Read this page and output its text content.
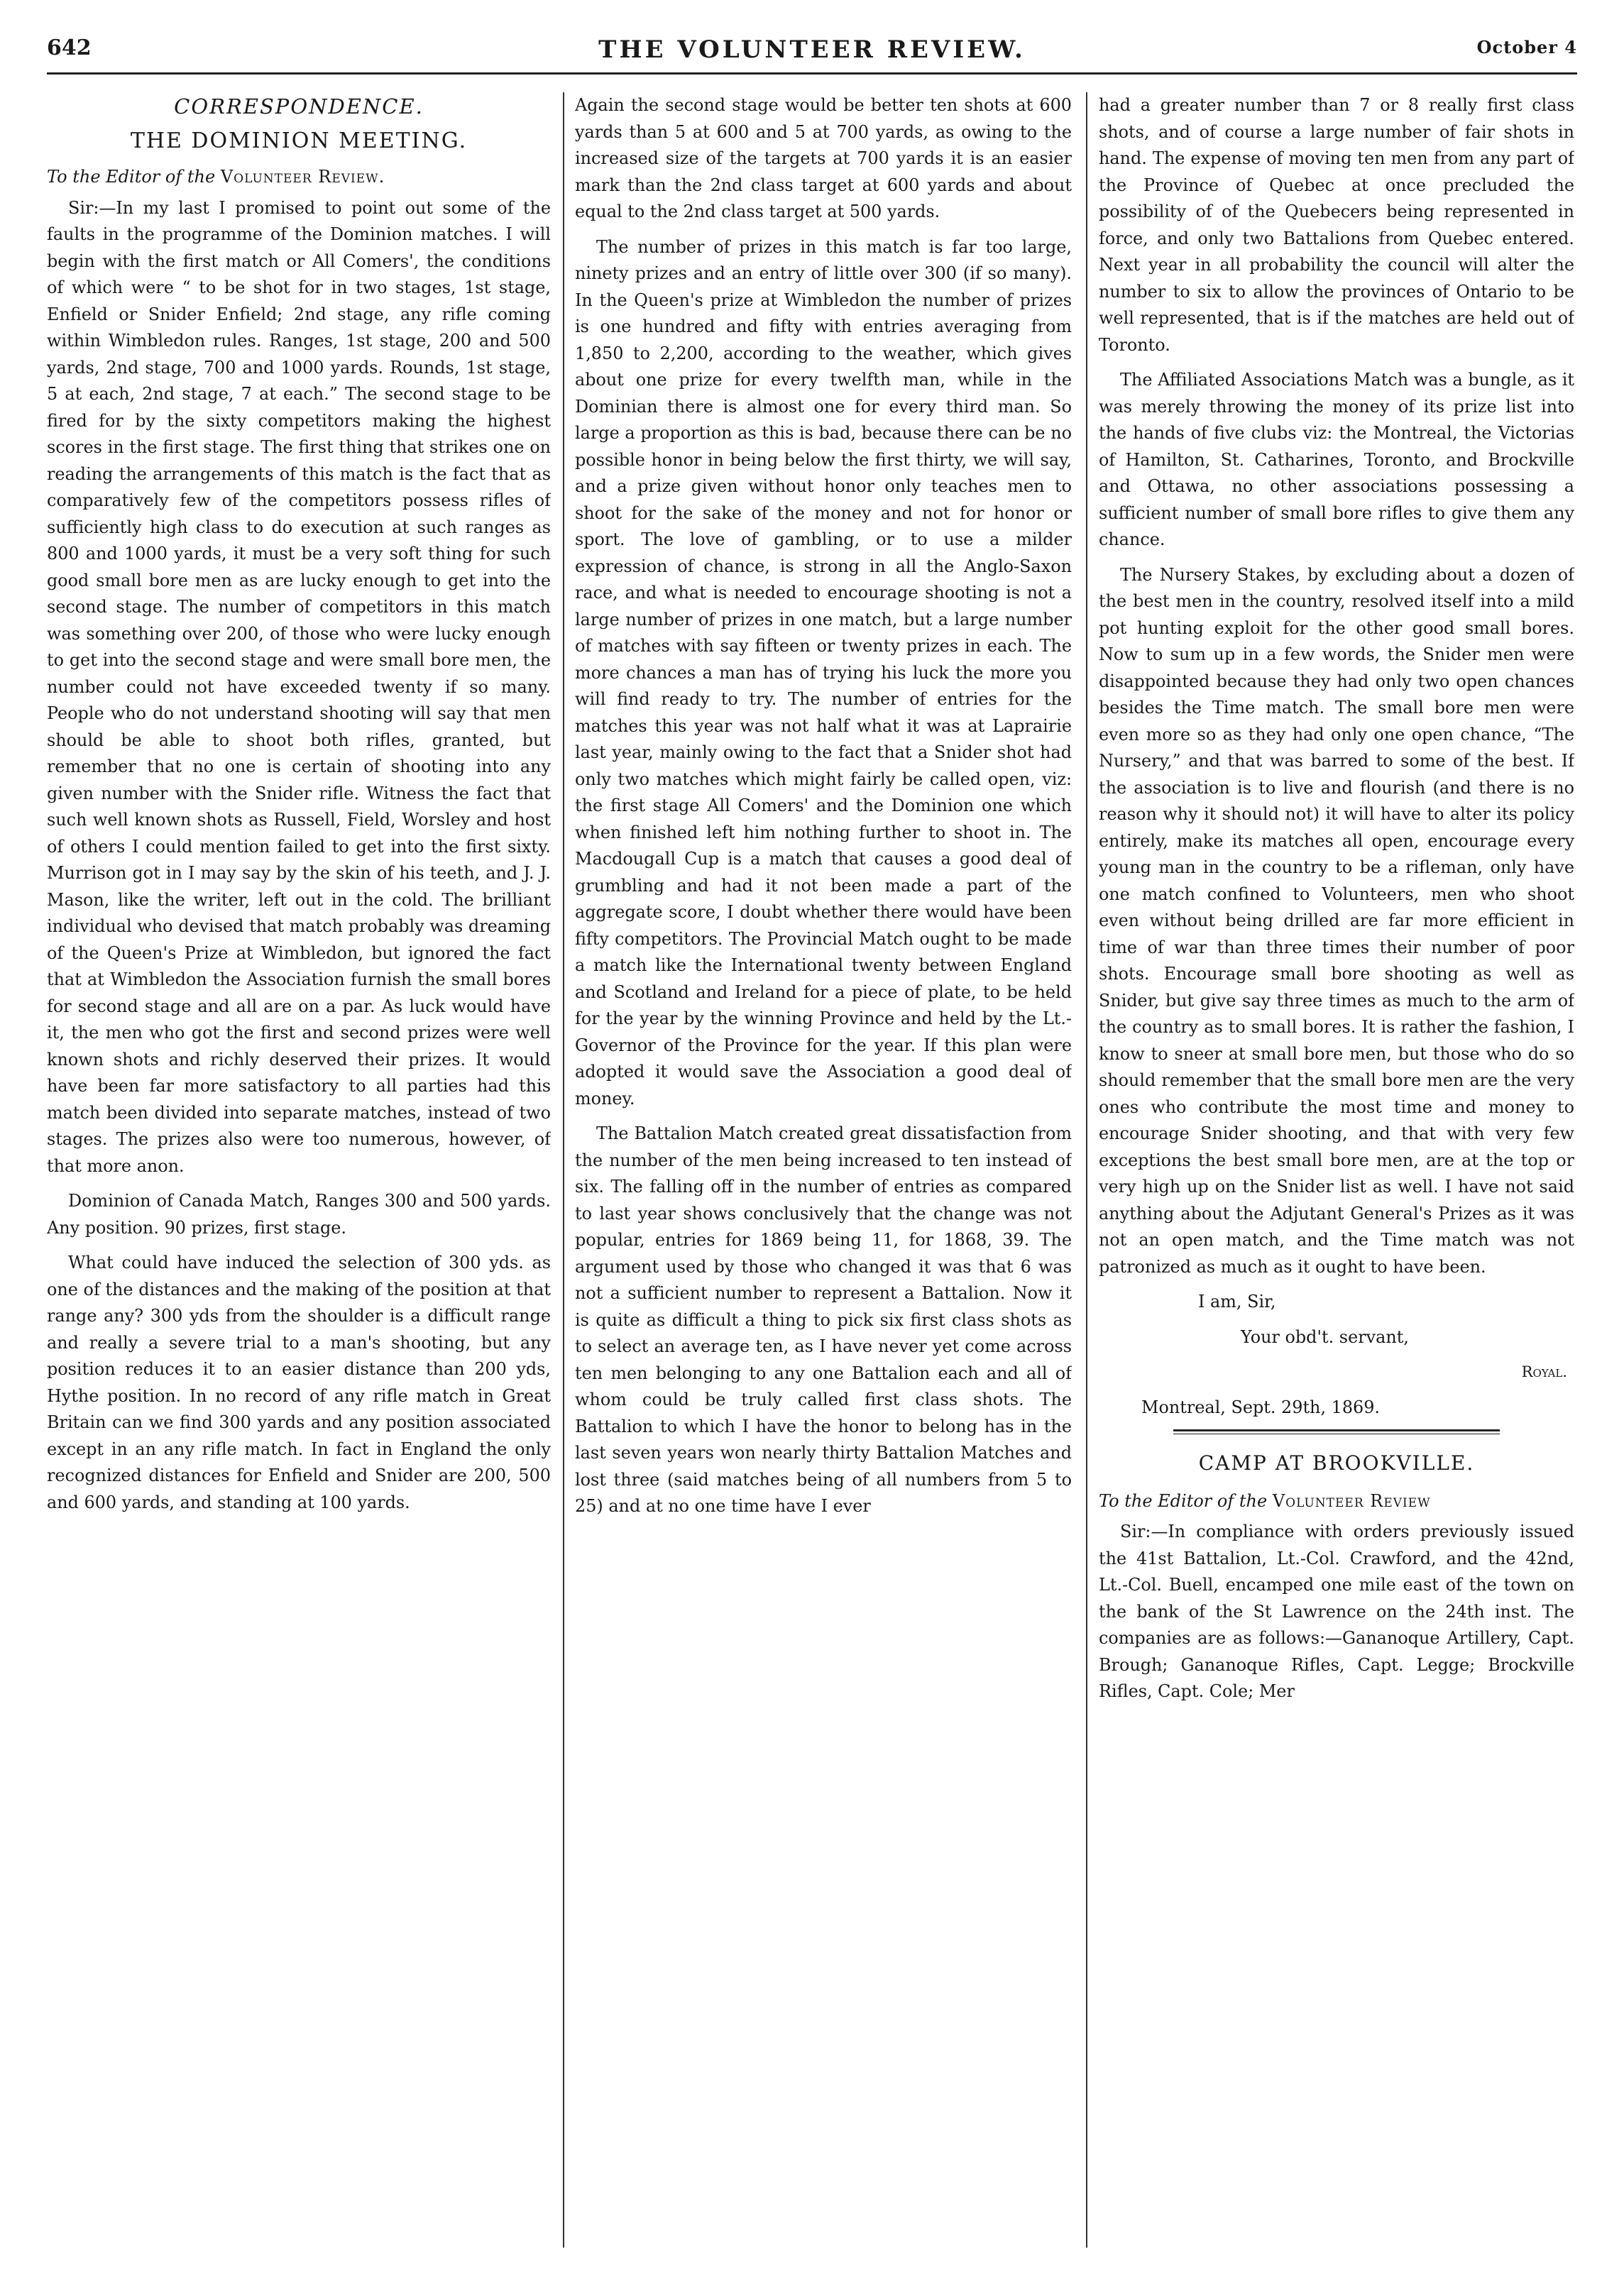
642	THE VOLUNTEER REVIEW.	October 4
CORRESPONDENCE.
THE DOMINION MEETING.
To the Editor of the Volunteer Review.

Sir:—In my last I promised to point out some of the faults in the programme of the Dominion matches. I will begin with the first match or All Comers', the conditions of which were “ to be shot for in two stages, 1st stage, Enfield or Snider Enfield; 2nd stage, any rifle coming within Wimbledon rules. Ranges, 1st stage, 200 and 500 yards, 2nd stage, 700 and 1000 yards. Rounds, 1st stage, 5 at each, 2nd stage, 7 at each.” The second stage to be fired for by the sixty competitors making the highest scores in the first stage. The first thing that strikes one on reading the arrangements of this match is the fact that as comparatively few of the competitors possess rifles of sufficiently high class to do execution at such ranges as 800 and 1000 yards, it must be a very soft thing for such good small bore men as are lucky enough to get into the second stage. The number of competitors in this match was something over 200, of those who were lucky enough to get into the second stage and were small bore men, the number could not have exceeded twenty if so many. People who do not understand shooting will say that men should be able to shoot both rifles, granted, but remember that no one is certain of shooting into any given number with the Snider rifle. Witness the fact that such well known shots as Russell, Field, Worsley and host of others I could mention failed to get into the first sixty. Murrison got in I may say by the skin of his teeth, and J. J. Mason, like the writer, left out in the cold. The brilliant individual who devised that match probably was dreaming of the Queen's Prize at Wimbledon, but ignored the fact that at Wimbledon the Association furnish the small bores for second stage and all are on a par. As luck would have it, the men who got the first and second prizes were well known shots and richly deserved their prizes. It would have been far more satisfactory to all parties had this match been divided into separate matches, instead of two stages. The prizes also were too numerous, however, of that more anon.

Dominion of Canada Match, Ranges 300 and 500 yards. Any position. 90 prizes, first stage.

What could have induced the selection of 300 yds. as one of the distances and the making of the position at that range any? 300 yds from the shoulder is a difficult range and really a severe trial to a man's shooting, but any position reduces it to an easier distance than 200 yds, Hythe position. In no record of any rifle match in Great Britain can we find 300 yards and any position associated except in an any rifle match. In fact in England the only recognized distances for Enfield and Snider are 200, 500 and 600 yards, and standing at 100 yards.

Again the second stage would be better ten shots at 600 yards than 5 at 600 and 5 at 700 yards, as owing to the increased size of the targets at 700 yards it is an easier mark than the 2nd class target at 600 yards and about equal to the 2nd class target at 500 yards.

The number of prizes in this match is far too large, ninety prizes and an entry of little over 300 (if so many). In the Queen's prize at Wimbledon the number of prizes is one hundred and fifty with entries averaging from 1,850 to 2,200, according to the weather, which gives about one prize for every twelfth man, while in the Dominian there is almost one for every third man. So large a proportion as this is bad, because there can be no possible honor in being below the first thirty, we will say, and a prize given without honor only teaches men to shoot for the sake of the money and not for honor or sport. The love of gambling, or to use a milder expression of chance, is strong in all the Anglo-Saxon race, and what is needed to encourage shooting is not a large number of prizes in one match, but a large number of matches with say fifteen or twenty prizes in each. The more chances a man has of trying his luck the more you will find ready to try. The number of entries for the matches this year was not half what it was at Laprairie last year, mainly owing to the fact that a Snider shot had only two matches which might fairly be called open, viz: the first stage All Comers' and the Dominion one which when finished left him nothing further to shoot in. The Macdougall Cup is a match that causes a good deal of grumbling and had it not been made a part of the aggregate score, I doubt whether there would have been fifty competitors. The Provincial Match ought to be made a match like the International twenty between England and Scotland and Ireland for a piece of plate, to be held for the year by the winning Province and held by the Lt.-Governor of the Province for the year. If this plan were adopted it would save the Association a good deal of money.

The Battalion Match created great dissatisfaction from the number of the men being increased to ten instead of six. The falling off in the number of entries as compared to last year shows conclusively that the change was not popular, entries for 1869 being 11, for 1868, 39. The argument used by those who changed it was that 6 was not a sufficient number to represent a Battalion. Now it is quite as difficult a thing to pick six first class shots as to select an average ten, as I have never yet come across ten men belonging to any one Battalion each and all of whom could be truly called first class shots. The Battalion to which I have the honor to belong has in the last seven years won nearly thirty Battalion Matches and lost three (said matches being of all numbers from 5 to 25) and at no one time have I ever

had a greater number than 7 or 8 really first class shots, and of course a large number of fair shots in hand. The expense of moving ten men from any part of the Province of Quebec at once precluded the possibility of of the Quebecers being represented in force, and only two Battalions from Quebec entered. Next year in all probability the council will alter the number to six to allow the provinces of Ontario to be well represented, that is if the matches are held out of Toronto.

The Affiliated Associations Match was a bungle, as it was merely throwing the money of its prize list into the hands of five clubs viz: the Montreal, the Victorias of Hamilton, St. Catharines, Toronto, and Brockville and Ottawa, no other associations possessing a sufficient number of small bore rifles to give them any chance.

The Nursery Stakes, by excluding about a dozen of the best men in the country, resolved itself into a mild pot hunting exploit for the other good small bores. Now to sum up in a few words, the Snider men were disappointed because they had only two open chances besides the Time match. The small bore men were even more so as they had only one open chance, “The Nursery,” and that was barred to some of the best. If the association is to live and flourish (and there is no reason why it should not) it will have to alter its policy entirely, make its matches all open, encourage every young man in the country to be a rifleman, only have one match confined to Volunteers, men who shoot even without being drilled are far more efficient in time of war than three times their number of poor shots. Encourage small bore shooting as well as Snider, but give say three times as much to the arm of the country as to small bores. It is rather the fashion, I know to sneer at small bore men, but those who do so should remember that the small bore men are the very ones who contribute the most time and money to encourage Snider shooting, and that with very few exceptions the best small bore men, are at the top or very high up on the Snider list as well. I have not said anything about the Adjutant General's Prizes as it was not an open match, and the Time match was not patronized as much as it ought to have been.

I am, Sir,

Your obd't. servant,

Royal.

Montreal, Sept. 29th, 1869.

CAMP AT BROOKVILLE.
To the Editor of the Volunteer Review

Sir:—In compliance with orders previously issued the 41st Battalion, Lt.-Col. Crawford, and the 42nd, Lt.-Col. Buell, encamped one mile east of the town on the bank of the St Lawrence on the 24th inst. The companies are as follows:—Gananoque Artillery, Capt. Brough; Gananoque Rifles, Capt. Legge; Brockville Rifles, Capt. Cole; Mer
